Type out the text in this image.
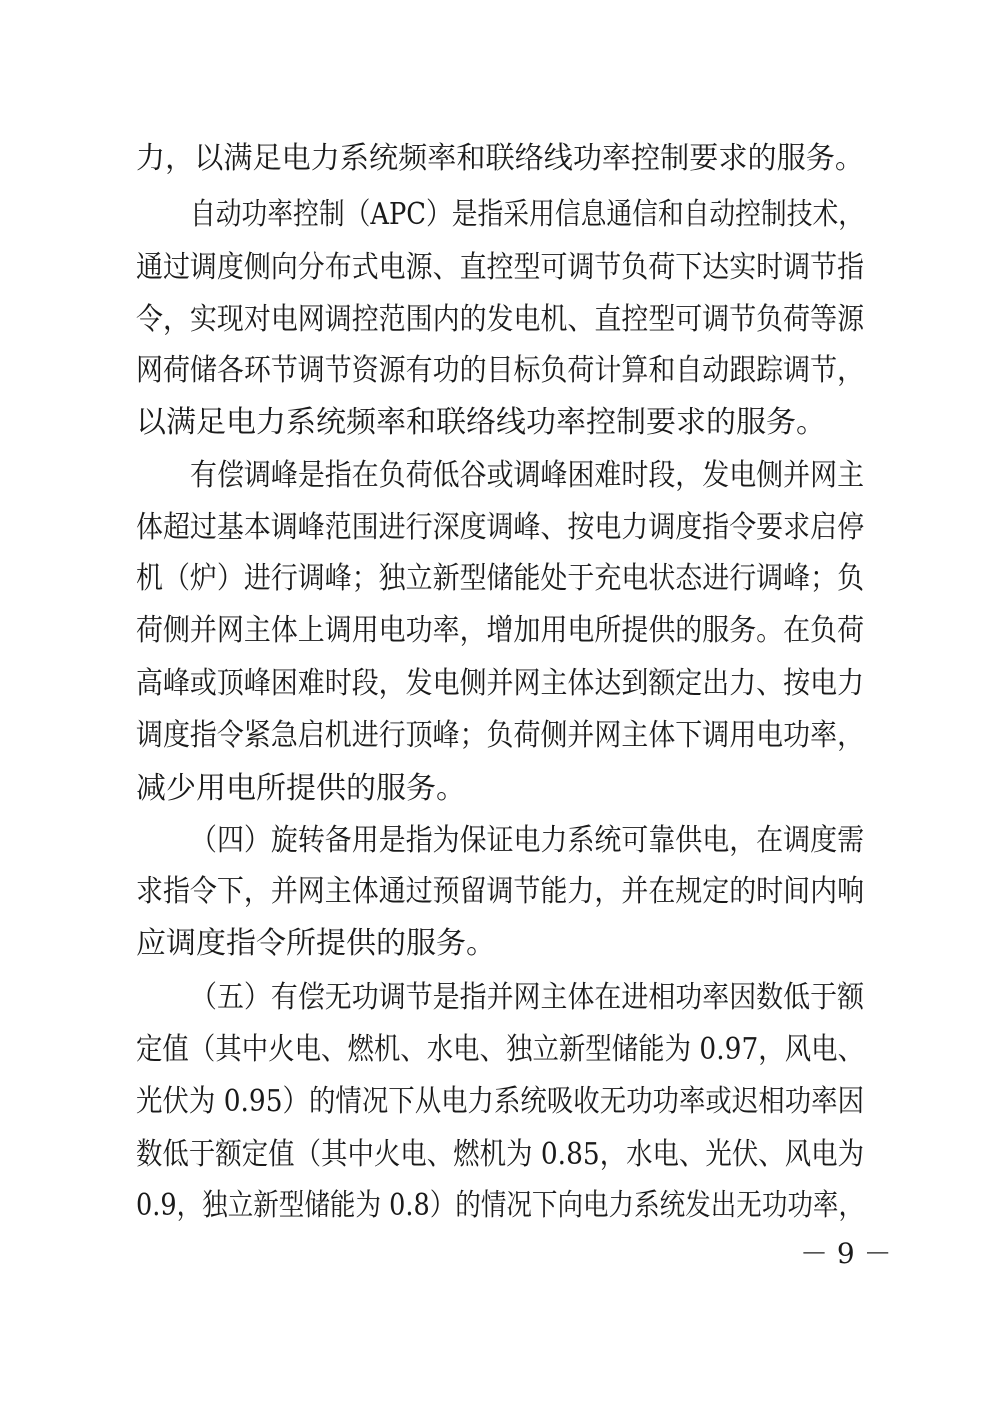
力，以满足电力系统频率和联络线功率控制要求的服务。
自动功率控制（APC）是指采用信息通信和自动控制技术，
通过调度侧向分布式电源、直控型可调节负荷下达实时调节指
令，实现对电网调控范围内的发电机、直控型可调节负荷等源
网荷储各环节调节资源有功的目标负荷计算和自动跟踪调节，
以满足电力系统频率和联络线功率控制要求的服务。
有偿调峰是指在负荷低谷或调峰困难时段，发电侧并网主
体超过基本调峰范围进行深度调峰、按电力调度指令要求启停
机（炉）进行调峰；独立新型储能处于充电状态进行调峰；负
荷侧并网主体上调用电功率，增加用电所提供的服务。在负荷
高峰或顶峰困难时段，发电侧并网主体达到额定出力、按电力
调度指令紧急启机进行顶峰；负荷侧并网主体下调用电功率，
减少用电所提供的服务。
（四）旋转备用是指为保证电力系统可靠供电，在调度需
求指令下，并网主体通过预留调节能力，并在规定的时间内响
应调度指令所提供的服务。
（五）有偿无功调节是指并网主体在进相功率因数低于额
定值（其中火电、燃机、水电、独立新型储能为 0.97，风电、
光伏为 0.95）的情况下从电力系统吸收无功功率或迟相功率因
数低于额定值（其中火电、燃机为 0.85，水电、光伏、风电为
0.9，独立新型储能为 0.8）的情况下向电力系统发出无功功率，
－ 9 －
